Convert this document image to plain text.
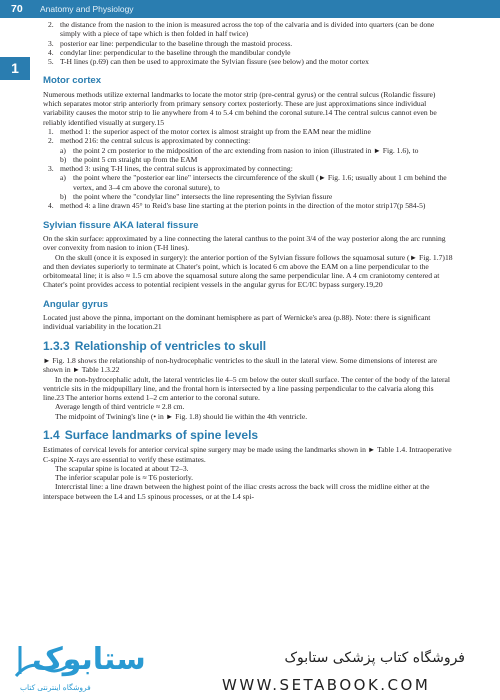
70 Anatomy and Physiology
1

2. the distance from the nasion to the inion is measured across the top of the calvaria and is divided into quarters (can be done simply with a piece of tape which is then folded in half twice)

3. posterior ear line: perpendicular to the baseline through the mastoid process.

4. condylar line: perpendicular to the baseline through the mandibular condyle

5. T-H lines (p.69) can then be used to approximate the Sylvian fissure (see below) and the motor cortex

Motor cortex

Numerous methods utilize external landmarks to locate the motor strip (pre-central gyrus) or the central sulcus (Rolandic fissure) which separates motor strip anteriorly from primary sensory cortex posteriorly. These are just approximations since individual variability causes the motor strip to lie anywhere from 4 to 5.4 cm behind the coronal suture.14 The central sulcus cannot even be reliably identified visually at surgery.15

1. method 1: the superior aspect of the motor cortex is almost straight up from the EAM near the midline

2. method 216: the central sulcus is approximated by connecting:

a) the point 2 cm posterior to the midposition of the arc extending from nasion to inion (illustrated in ► Fig. 1.6), to

b) the point 5 cm straight up from the EAM

3. method 3: using T-H lines, the central sulcus is approximated by connecting:

a) the point where the "posterior ear line" intersects the circumference of the skull (► Fig. 1.6; usually about 1 cm behind the vertex, and 3–4 cm above the coronal suture), to

b) the point where the "condylar line" intersects the line representing the Sylvian fissure

4. method 4: a line drawn 45° to Reid's base line starting at the pterion points in the direction of the motor strip17(p 584-5)

Sylvian fissure AKA lateral fissure

On the skin surface: approximated by a line connecting the lateral canthus to the point 3/4 of the way posterior along the arc running over convexity from nasion to inion (T-H lines).

On the skull (once it is exposed in surgery): the anterior portion of the Sylvian fissure follows the squamosal suture (► Fig. 1.7)18 and then deviates superiorly to terminate at Chater's point, which is located 6 cm above the EAM on a line perpendicular to the orbitomeatal line; it is also ≈ 1.5 cm above the squamosal suture along the same perpendicular line. A 4 cm craniotomy centered at Chater's point provides access to potential recipient vessels in the angular gyrus for EC/IC bypass surgery.19,20

Angular gyrus

Located just above the pinna, important on the dominant hemisphere as part of Wernicke's area (p.88). Note: there is significant individual variability in the location.21

1.3.3 Relationship of ventricles to skull

► Fig. 1.8 shows the relationship of non-hydrocephalic ventricles to the skull in the lateral view. Some dimensions of interest are shown in ► Table 1.3.22

In the non-hydrocephalic adult, the lateral ventricles lie 4–5 cm below the outer skull surface. The center of the body of the lateral ventricle sits in the midpupillary line, and the frontal horn is intersected by a line passing perpendicular to the calvaria along this line.23 The anterior horns extend 1–2 cm anterior to the coronal suture.

Average length of third ventricle ≈ 2.8 cm.

The midpoint of Twining's line (• in ► Fig. 1.8) should lie within the 4th ventricle.

1.4 Surface landmarks of spine levels

Estimates of cervical levels for anterior cervical spine surgery may be made using the landmarks shown in ► Table 1.4. Intraoperative C-spine X-rays are essential to verify these estimates.

The scapular spine is located at about T2–3.

The inferior scapular pole is ≈ T6 posteriorly.

Intercristal line: a line drawn between the highest point of the iliac crests across the back will cross the midline either at the interspace between the L4 and L5 spinous processes, or at the L4 spi-

ستابوک
فروشگاه اینترنتی کتاب
فروشگاه کتاب پزشکی ستابوک
WWW.SETABOOK.COM
